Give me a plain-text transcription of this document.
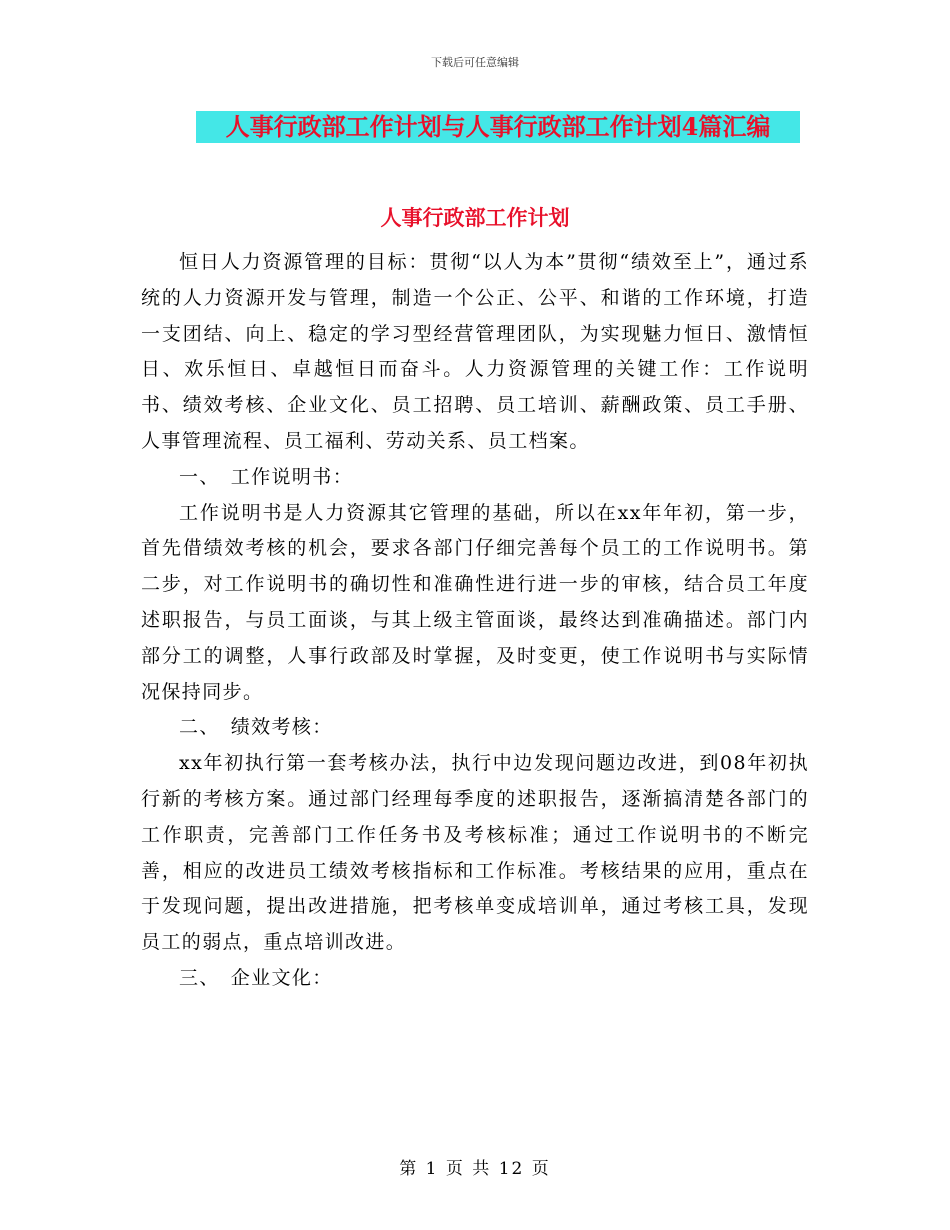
下载后可任意编辑
人事行政部工作计划与人事行政部工作计划4篇汇编
人事行政部工作计划

恒日人力资源管理的目标：贯彻“以人为本”贯彻“绩效至上”，通过系统的人力资源开发与管理，制造一个公正、公平、和谐的工作环境，打造一支团结、向上、稳定的学习型经营管理团队，为实现魅力恒日、激情恒日、欢乐恒日、卓越恒日而奋斗。人力资源管理的关键工作：工作说明书、绩效考核、企业文化、员工招聘、员工培训、薪酬政策、员工手册、人事管理流程、员工福利、劳动关系、员工档案。

一、　工作说明书：

工作说明书是人力资源其它管理的基础，所以在xx年年初，第一步，首先借绩效考核的机会，要求各部门仔细完善每个员工的工作说明书。第二步，对工作说明书的确切性和准确性进行进一步的审核，结合员工年度述职报告，与员工面谈，与其上级主管面谈，最终达到准确描述。部门内部分工的调整，人事行政部及时掌握，及时变更，使工作说明书与实际情况保持同步。

二、　绩效考核：

xx年初执行第一套考核办法，执行中边发现问题边改进，到08年初执行新的考核方案。通过部门经理每季度的述职报告，逐渐搞清楚各部门的工作职责，完善部门工作任务书及考核标准；通过工作说明书的不断完善，相应的改进员工绩效考核指标和工作标准。考核结果的应用，重点在于发现问题，提出改进措施，把考核单变成培训单，通过考核工具，发现员工的弱点，重点培训改进。

三、　企业文化：

第 1 页 共 12 页
